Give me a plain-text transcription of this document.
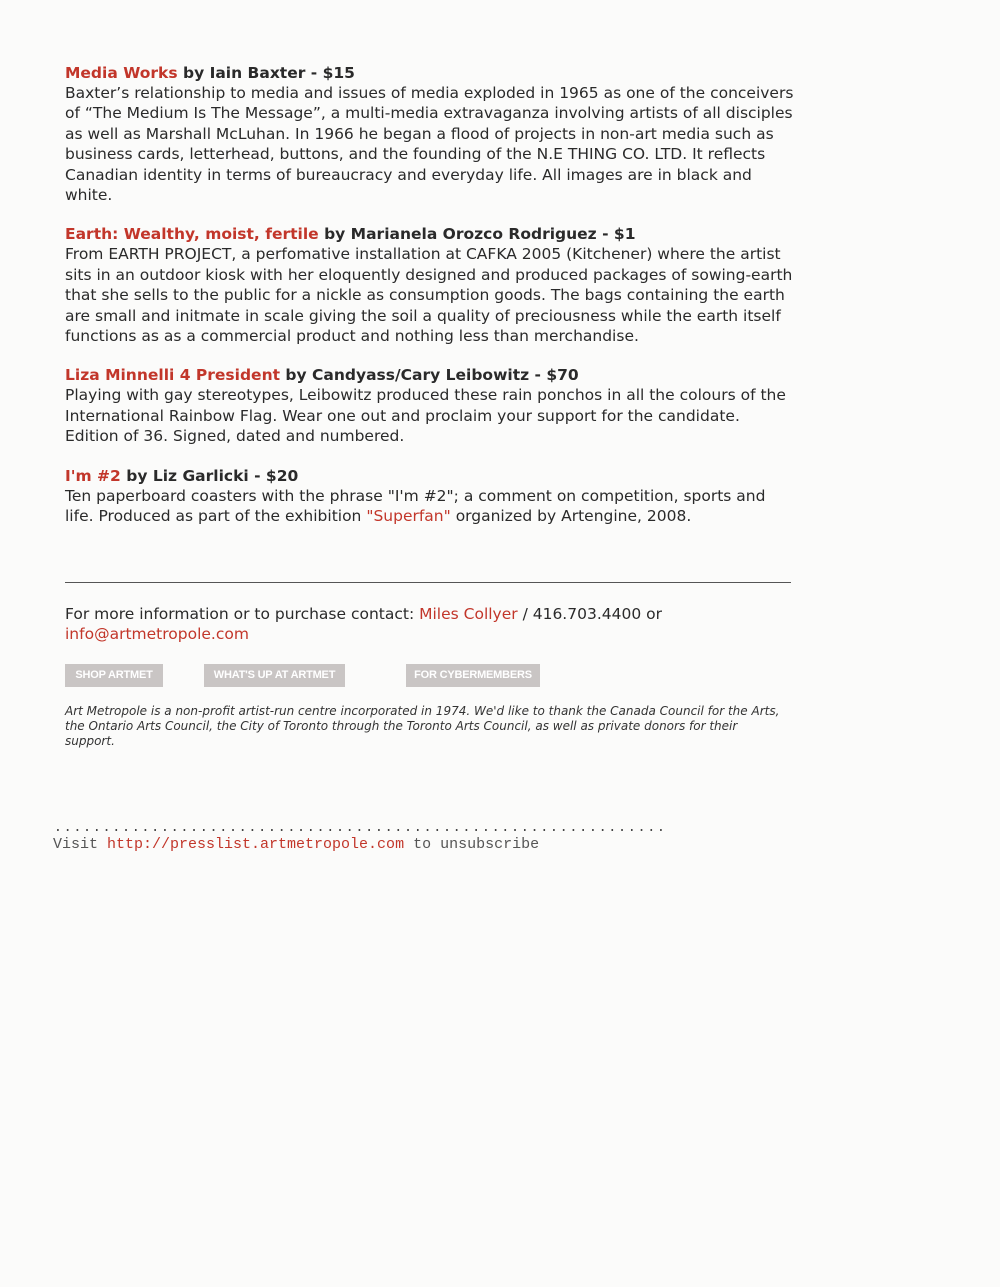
Media Works by Iain Baxter - $15

Baxter’s relationship to media and issues of media exploded in 1965 as one of the conceivers of “The Medium Is The Message”, a multi-media extravaganza involving artists of all disciples as well as Marshall McLuhan. In 1966 he began a flood of projects in non-art media such as business cards, letterhead, buttons, and the founding of the N.E THING CO. LTD. It reflects Canadian identity in terms of bureaucracy and everyday life. All images are in black and white.

Earth: Wealthy, moist, fertile by Marianela Orozco Rodriguez - $1

From EARTH PROJECT, a perfomative installation at CAFKA 2005 (Kitchener) where the artist sits in an outdoor kiosk with her eloquently designed and produced packages of sowing-earth that she sells to the public for a nickle as consumption goods. The bags containing the earth are small and initmate in scale giving the soil a quality of preciousness while the earth itself functions as as a commercial product and nothing less than merchandise.

Liza Minnelli 4 President by Candyass/Cary Leibowitz - $70

Playing with gay stereotypes, Leibowitz produced these rain ponchos in all the colours of the International Rainbow Flag. Wear one out and proclaim your support for the candidate. Edition of 36. Signed, dated and numbered.

I'm #2 by Liz Garlicki - $20

Ten paperboard coasters with the phrase "I'm #2"; a comment on competition, sports and life. Produced as part of the exhibition "Superfan" organized by Artengine, 2008.

For more information or to purchase contact: Miles Collyer / 416.703.4400 or
info@artmetropole.com
SHOP ARTMET	WHAT'S UP AT ARTMET	FOR CYBERMEMBERS
Art Metropole is a non-profit artist-run centre incorporated in 1974. We'd like to thank the Canada Council for the Arts, the Ontario Arts Council, the City of Toronto through the Toronto Arts Council, as well as private donors for their support.
...............................................................
Visit http://presslist.artmetropole.com to unsubscribe
